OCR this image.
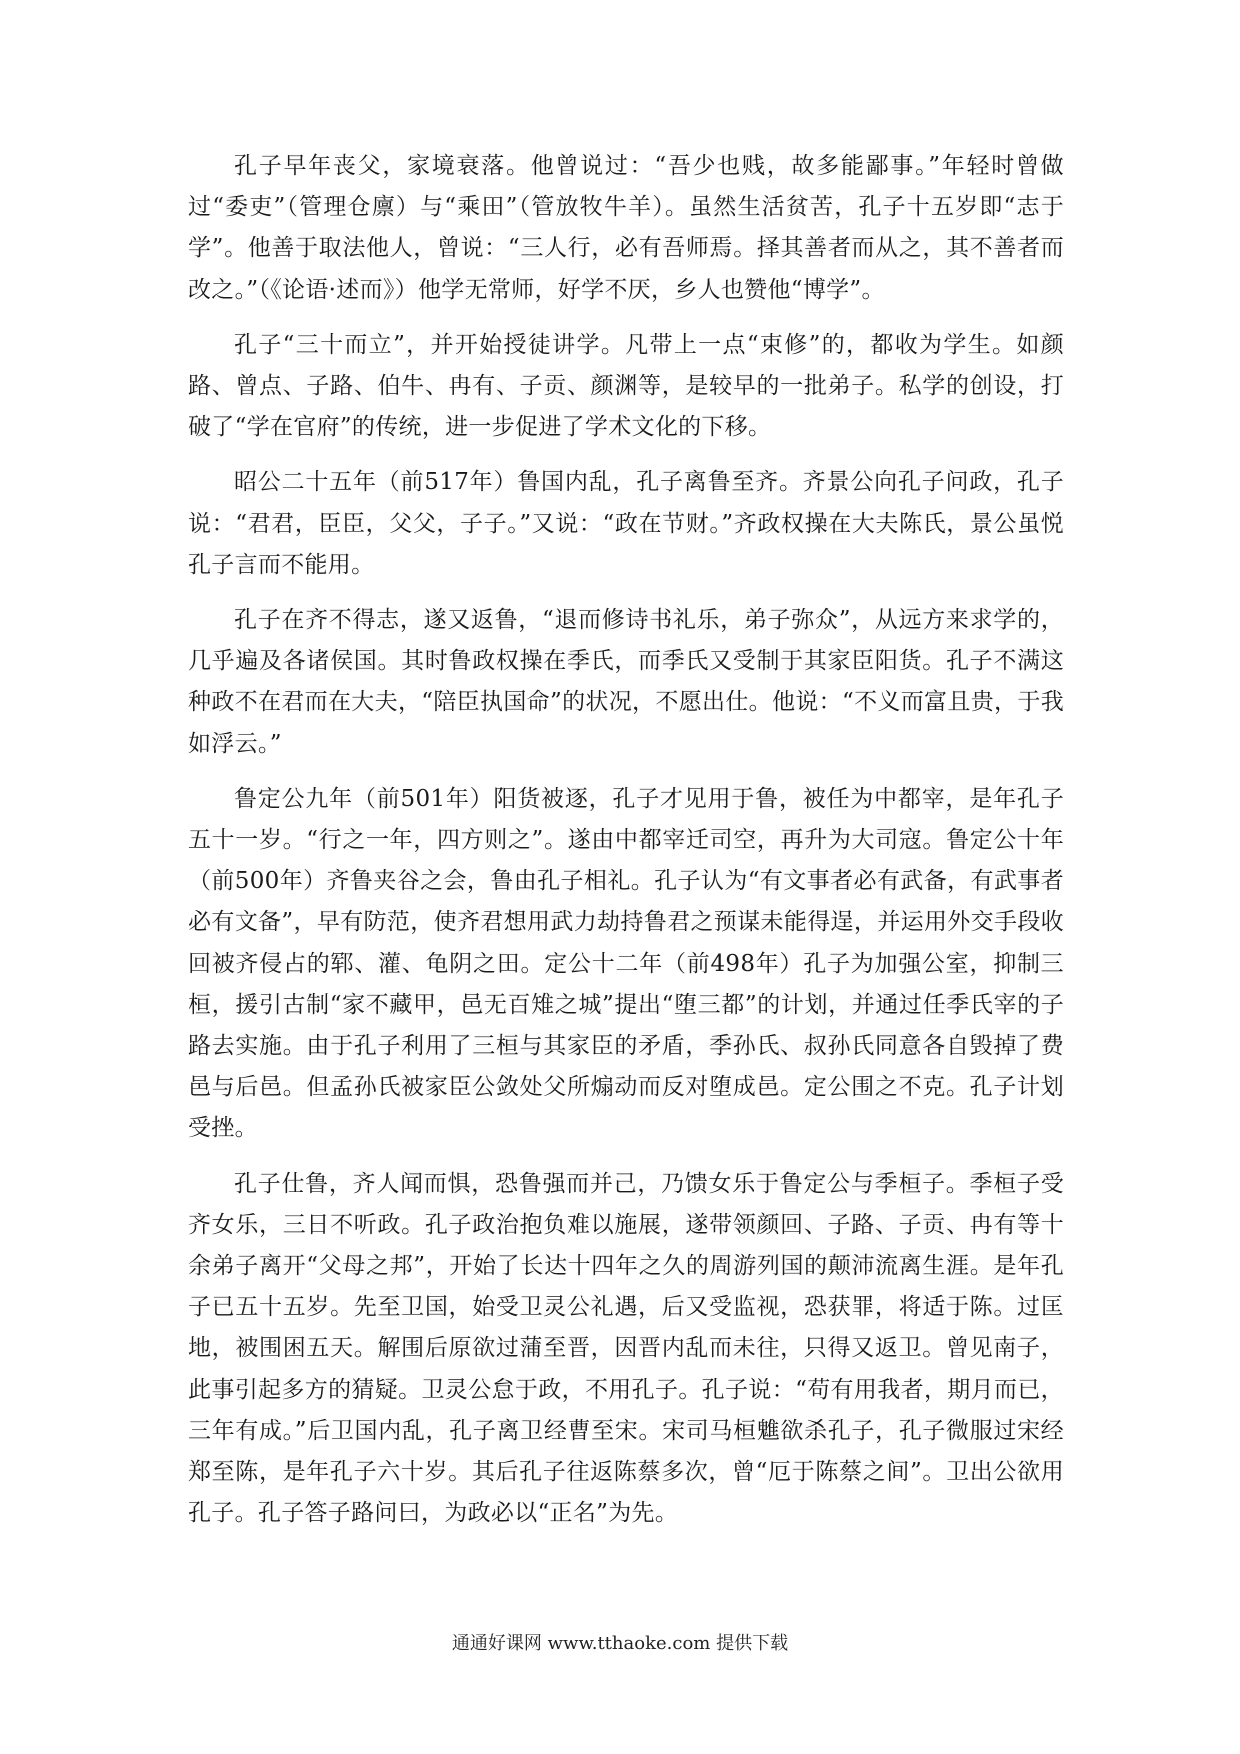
孔子早年丧父，家境衰落。他曾说过：“吾少也贱，故多能鄙事。”年轻时曾做过“委吏”（管理仓廪）与“乘田”（管放牧牛羊）。虽然生活贫苦，孔子十五岁即“志于学”。他善于取法他人，曾说：“三人行，必有吾师焉。择其善者而从之，其不善者而改之。”（《论语·述而》）他学无常师，好学不厌，乡人也赞他“博学”。

孔子“三十而立”，并开始授徒讲学。凡带上一点“束修”的，都收为学生。如颜路、曾点、子路、伯牛、冉有、子贡、颜渊等，是较早的一批弟子。私学的创设，打破了“学在官府”的传统，进一步促进了学术文化的下移。

昭公二十五年（前517年）鲁国内乱，孔子离鲁至齐。齐景公向孔子问政，孔子说：“君君，臣臣，父父，子子。”又说：“政在节财。”齐政权操在大夫陈氏，景公虽悦孔子言而不能用。

孔子在齐不得志，遂又返鲁，“退而修诗书礼乐，弟子弥众”，从远方来求学的，几乎遍及各诸侯国。其时鲁政权操在季氏，而季氏又受制于其家臣阳货。孔子不满这种政不在君而在大夫，“陪臣执国命”的状况，不愿出仕。他说：“不义而富且贵，于我如浮云。”

鲁定公九年（前501年）阳货被逐，孔子才见用于鲁，被任为中都宰，是年孔子五十一岁。“行之一年，四方则之”。遂由中都宰迁司空，再升为大司寇。鲁定公十年（前500年）齐鲁夹谷之会，鲁由孔子相礼。孔子认为“有文事者必有武备，有武事者必有文备”，早有防范，使齐君想用武力劫持鲁君之预谋未能得逞，并运用外交手段收回被齐侵占的郓、灌、龟阴之田。定公十二年（前498年）孔子为加强公室，抑制三桓，援引古制“家不藏甲，邑无百雉之城”提出“堕三都”的计划，并通过任季氏宰的子路去实施。由于孔子利用了三桓与其家臣的矛盾，季孙氏、叔孙氏同意各自毁掉了费邑与后邑。但孟孙氏被家臣公敛处父所煽动而反对堕成邑。定公围之不克。孔子计划受挫。

孔子仕鲁，齐人闻而惧，恐鲁强而并己，乃馈女乐于鲁定公与季桓子。季桓子受齐女乐，三日不听政。孔子政治抱负难以施展，遂带领颜回、子路、子贡、冉有等十余弟子离开“父母之邦”，开始了长达十四年之久的周游列国的颠沛流离生涯。是年孔子已五十五岁。先至卫国，始受卫灵公礼遇，后又受监视，恐获罪，将适于陈。过匡地，被围困五天。解围后原欲过蒲至晋，因晋内乱而未往，只得又返卫。曾见南子，此事引起多方的猜疑。卫灵公怠于政，不用孔子。孔子说：“苟有用我者，期月而已，三年有成。”后卫国内乱，孔子离卫经曹至宋。宋司马桓魋欲杀孔子，孔子微服过宋经郑至陈，是年孔子六十岁。其后孔子往返陈蔡多次，曾“厄于陈蔡之间”。卫出公欲用孔子。孔子答子路问曰，为政必以“正名”为先。

通通好课网 www.tthaoke.com 提供下载
